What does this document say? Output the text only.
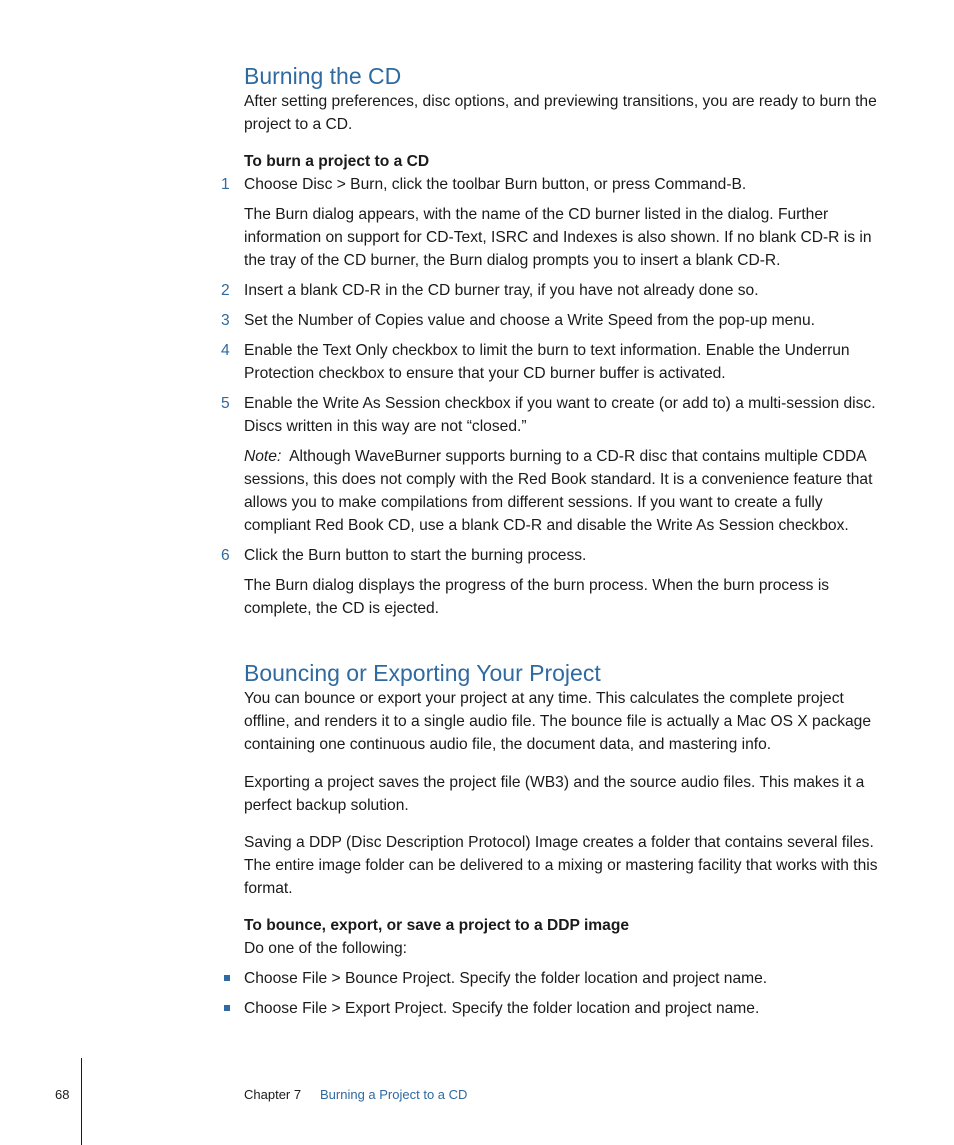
Burning the CD

After setting preferences, disc options, and previewing transitions, you are ready to burn the project to a CD.

To burn a project to a CD

1 Choose Disc > Burn, click the toolbar Burn button, or press Command-B.

The Burn dialog appears, with the name of the CD burner listed in the dialog. Further information on support for CD-Text, ISRC and Indexes is also shown. If no blank CD-R is in the tray of the CD burner, the Burn dialog prompts you to insert a blank CD-R.

2 Insert a blank CD-R in the CD burner tray, if you have not already done so.

3 Set the Number of Copies value and choose a Write Speed from the pop-up menu.

4 Enable the Text Only checkbox to limit the burn to text information. Enable the Underrun Protection checkbox to ensure that your CD burner buffer is activated.

5 Enable the Write As Session checkbox if you want to create (or add to) a multi-session disc. Discs written in this way are not “closed.”

Note: Although WaveBurner supports burning to a CD-R disc that contains multiple CDDA sessions, this does not comply with the Red Book standard. It is a convenience feature that allows you to make compilations from different sessions. If you want to create a fully compliant Red Book CD, use a blank CD-R and disable the Write As Session checkbox.

6 Click the Burn button to start the burning process.

The Burn dialog displays the progress of the burn process. When the burn process is complete, the CD is ejected.

Bouncing or Exporting Your Project

You can bounce or export your project at any time. This calculates the complete project offline, and renders it to a single audio file. The bounce file is actually a Mac OS X package containing one continuous audio file, the document data, and mastering info.

Exporting a project saves the project file (WB3) and the source audio files. This makes it a perfect backup solution.

Saving a DDP (Disc Description Protocol) Image creates a folder that contains several files. The entire image folder can be delivered to a mixing or mastering facility that works with this format.

To bounce, export, or save a project to a DDP image

Do one of the following:

Choose File > Bounce Project. Specify the folder location and project name.

Choose File > Export Project. Specify the folder location and project name.

68	Chapter 7 Burning a Project to a CD
